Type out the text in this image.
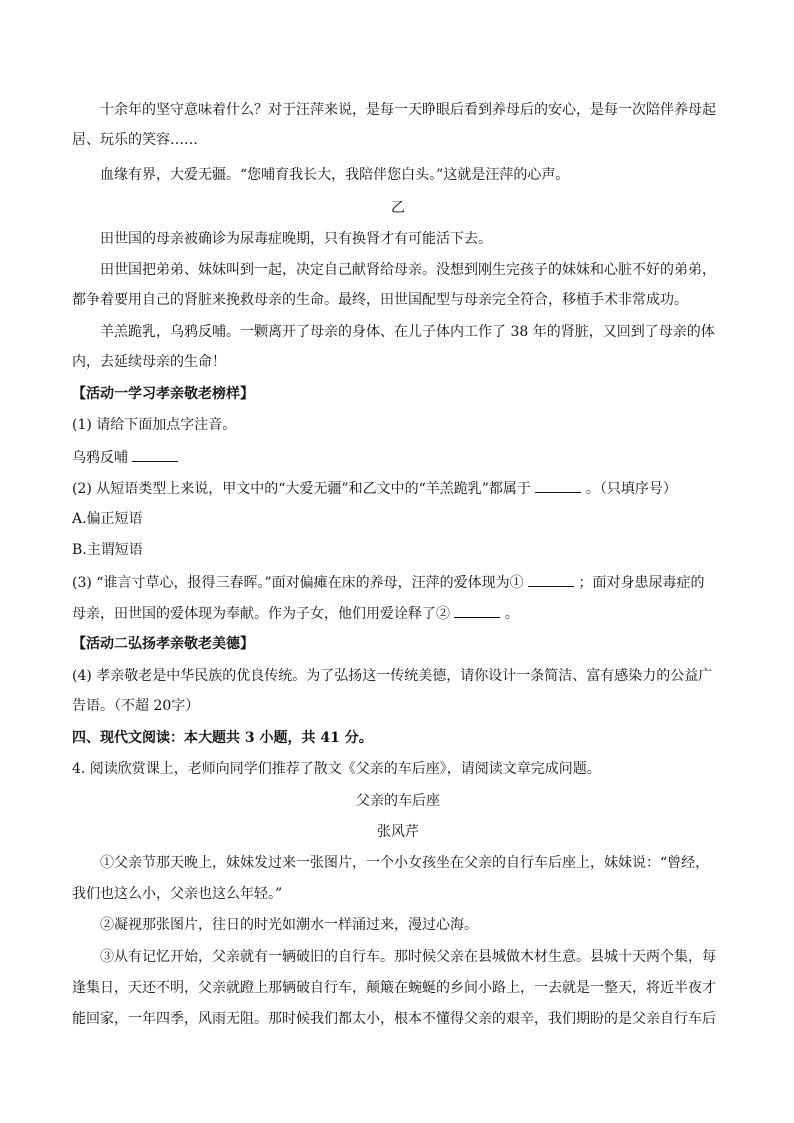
十余年的坚守意味着什么？对于汪萍来说，是每一天睁眼后看到养母后的安心，是每一次陪伴养母起

居、玩乐的笑容……

血缘有界，大爱无疆。“您哺育我长大，我陪伴您白头。”这就是汪萍的心声。

乙

田世国的母亲被确诊为尿毒症晚期，只有换肾才有可能活下去。

田世国把弟弟、妹妹叫到一起，决定自己献肾给母亲。没想到刚生完孩子的妹妹和心脏不好的弟弟，

都争着要用自己的肾脏来挽救母亲的生命。最终，田世国配型与母亲完全符合，移植手术非常成功。

羊羔跪乳，乌鸦反哺。一颗离开了母亲的身体、在儿子体内工作了 38 年的肾脏，又回到了母亲的体

内，去延续母亲的生命！

【活动一学习孝亲敬老榜样】

(1) 请给下面加点字注音。

乌鸦反哺

(2) 从短语类型上来说，甲文中的“大爱无疆”和乙文中的“羊羔跪乳”都属于	。（只填序号）

A.偏正短语

B.主谓短语

(3) “谁言寸草心，报得三春晖。”面对偏瘫在床的养母，汪萍的爱体现为①	；面对身患尿毒症的

母亲，田世国的爱体现为奉献。作为子女，他们用爱诠释了②	。

【活动二弘扬孝亲敬老美德】

(4) 孝亲敬老是中华民族的优良传统。为了弘扬这一传统美德，请你设计一条简洁、富有感染力的公益广

告语。（不超 20字）

四、现代文阅读：本大题共 3 小题，共 41 分。

4. 阅读欣赏课上，老师向同学们推荐了散文《父亲的车后座》，请阅读文章完成问题。

父亲的车后座

张风芹

①父亲节那天晚上，妹妹发过来一张图片，一个小女孩坐在父亲的自行车后座上，妹妹说：“曾经，

我们也这么小，父亲也这么年轻。”

②凝视那张图片，往日的时光如潮水一样涌过来，漫过心海。

③从有记忆开始，父亲就有一辆破旧的自行车。那时候父亲在县城做木材生意。县城十天两个集，每

逢集日，天还不明，父亲就蹬上那辆破自行车，颠簸在蜿蜒的乡间小路上，一去就是一整天，将近半夜才

能回家，一年四季，风雨无阻。那时候我们都太小，根本不懂得父亲的艰辛，我们期盼的是父亲自行车后
